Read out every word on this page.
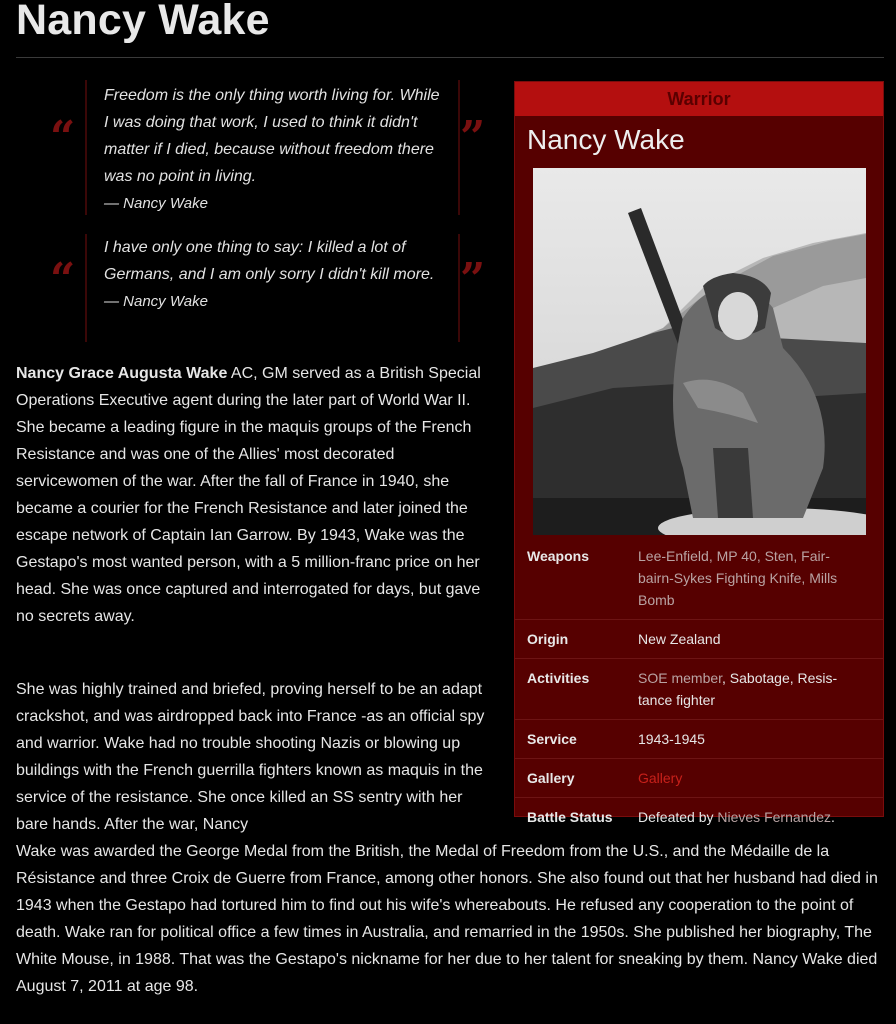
Nancy Wake
“
Freedom is the only thing worth living for. While I was doing that work, I used to think it didn't matter if I died, because without freedom there was no point in living.
— Nancy Wake
”
“
I have only one thing to say: I killed a lot of Germans, and I am only sorry I didn't kill more.
— Nancy Wake	”
Nancy Grace Augusta Wake AC, GM served as a British Special Operations Executive agent during the later part of World War II. She became a leading figure in the maquis groups of the French Resistance and was one of the Allies' most decorated servicewomen of the war. After the fall of France in 1940, she became a courier for the French Resistance and later joined the escape network of Captain Ian Garrow. By 1943, Wake was the Gestapo's most wanted person, with a 5 million-franc price on her head. She was once captured and interrogated for days, but gave no secrets away.
She was highly trained and briefed, proving herself to be an adapt crackshot, and was airdropped back into France -as an official spy and warrior. Wake had no trouble shooting Nazis or blowing up buildings with the French guerrilla fighters known as maquis in the service of the resistance. She once killed an SS sentry with her bare hands. After the war, Nancy
Wake was awarded the George Medal from the British, the Medal of Freedom from the U.S., and the Médaille de la Résistance and three Croix de Guerre from France, among other honors. She also found out that her husband had died in 1943 when the Gestapo had tortured him to find out his wife's whereabouts. He refused any cooperation to the point of death. Wake ran for political office a few times in Australia, and remarried in the 1950s. She published her biography, The White Mouse, in 1988. That was the Gestapo's nickname for her due to her talent for sneaking by them. Nancy Wake died August 7, 2011 at age 98.
Warrior
Nancy Wake
Weapons	Lee-Enfield, MP 40, Sten, Fair-bairn-Sykes Fighting Knife, Mills Bomb
Origin	New Zealand
Activities	SOE member, Sabotage, Resis-tance fighter
Service	1943-1945
Gallery	Gallery
Battle Status	Defeated by Nieves Fernandez.
